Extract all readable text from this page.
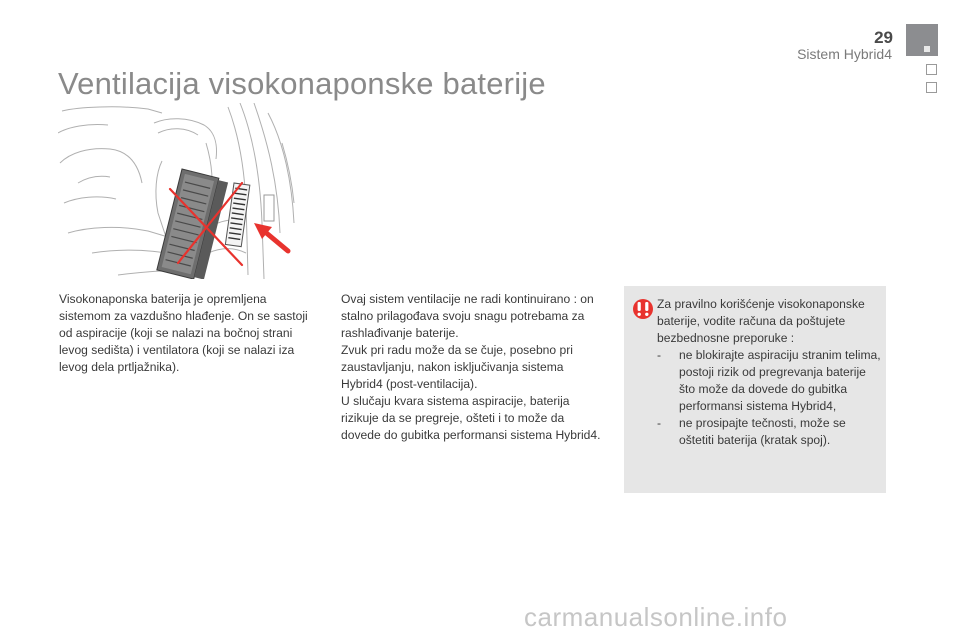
29
Sistem Hybrid4
Ventilacija visokonaponske baterije

Visokonaponska baterija je opremljena sistemom za vazdušno hlađenje. On se sastoji od aspiracije (koji se nalazi na bočnoj strani levog sedišta) i ventilatora (koji se nalazi iza levog dela prtljažnika).

Ovaj sistem ventilacije ne radi kontinuirano : on stalno prilagođava svoju snagu potrebama za rashlađivanje baterije.

Zvuk pri radu može da se čuje, posebno pri zaustavljanju, nakon isključivanja sistema Hybrid4 (post-ventilacija).

U slučaju kvara sistema aspiracije, baterija rizikuje da se pregreje, ošteti i to može da dovede do gubitka performansi sistema Hybrid4.

Za pravilno korišćenje visokonaponske baterije, vodite računa da poštujete bezbednosne preporuke :

-	ne blokirajte aspiraciju stranim telima, postoji rizik od pregrevanja baterije što može da dovede do gubitka performansi sistema Hybrid4,
-	ne prosipajte tečnosti, može se oštetiti baterija (kratak spoj).
carmanualsonline.info
